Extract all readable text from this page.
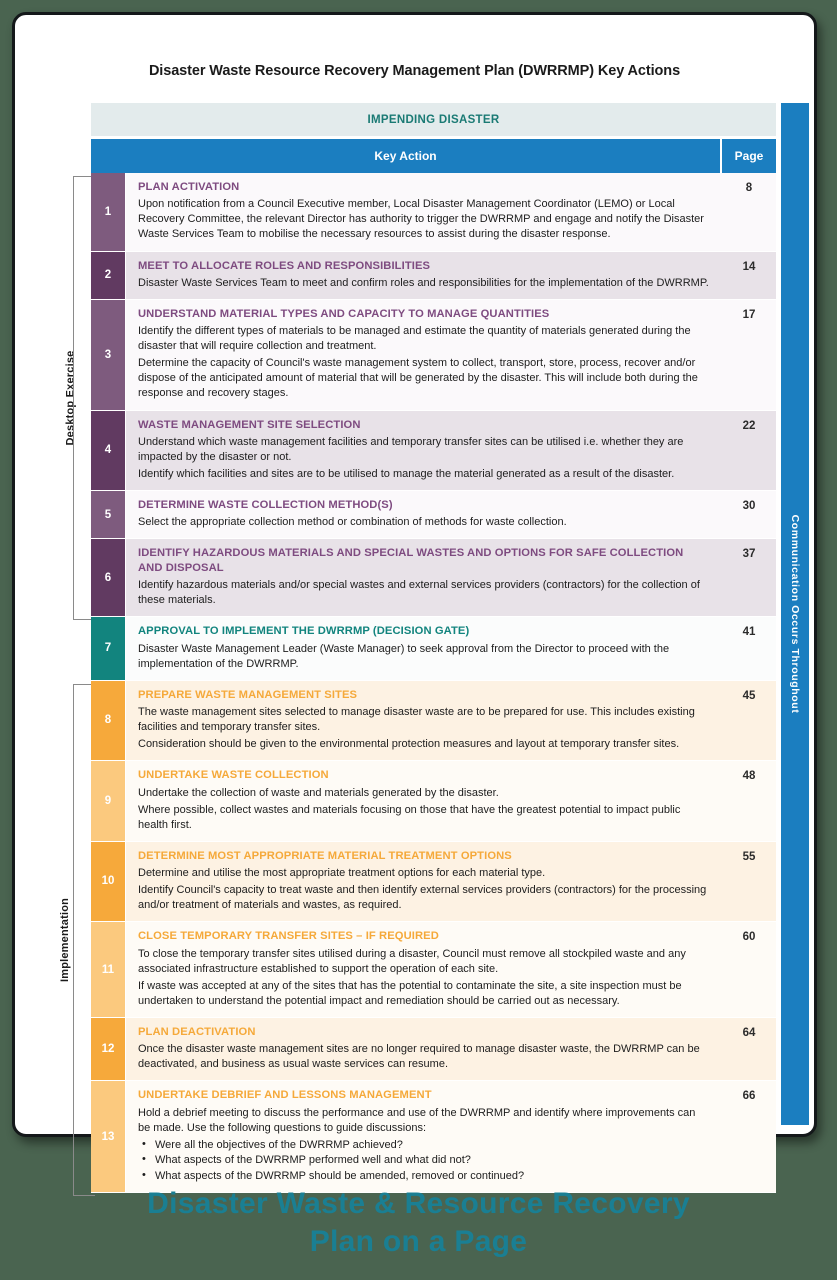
Disaster Waste Resource Recovery Management Plan (DWRRMP) Key Actions
Desktop Exercise
Implementation
IMPENDING DISASTER
Key Action	Page
1
PLAN ACTIVATION
Upon notification from a Council Executive member, Local Disaster Management Coordinator (LEMO) or Local Recovery Committee, the relevant Director has authority to trigger the DWRRMP and engage and notify the Disaster Waste Services Team to mobilise the necessary resources to assist during the disaster response.
8
2
MEET TO ALLOCATE ROLES AND RESPONSIBILITIES
Disaster Waste Services Team to meet and confirm roles and responsibilities for the implementation of the DWRRMP.
14
3
UNDERSTAND MATERIAL TYPES AND CAPACITY TO MANAGE QUANTITIES
Identify the different types of materials to be managed and estimate the quantity of materials generated during the disaster that will require collection and treatment.
Determine the capacity of Council's waste management system to collect, transport, store, process, recover and/or dispose of the anticipated amount of material that will be generated by the disaster. This will include both during the response and recovery stages.
17
4
WASTE MANAGEMENT SITE SELECTION
Understand which waste management facilities and temporary transfer sites can be utilised i.e. whether they are impacted by the disaster or not.
Identify which facilities and sites are to be utilised to manage the material generated as a result of the disaster.
22
5
DETERMINE WASTE COLLECTION METHOD(S)
Select the appropriate collection method or combination of methods for waste collection.
30
6
IDENTIFY HAZARDOUS MATERIALS AND SPECIAL WASTES AND OPTIONS FOR SAFE COLLECTION AND DISPOSAL
Identify hazardous materials and/or special wastes and external services providers (contractors) for the collection of these materials.
37
7
APPROVAL TO IMPLEMENT THE DWRRMP (DECISION GATE)
Disaster Waste Management Leader (Waste Manager) to seek approval from the Director to proceed with the implementation of the DWRRMP.
41
8
PREPARE WASTE MANAGEMENT SITES
The waste management sites selected to manage disaster waste are to be prepared for use. This includes existing facilities and temporary transfer sites.
Consideration should be given to the environmental protection measures and layout at temporary transfer sites.
45
9
UNDERTAKE WASTE COLLECTION
Undertake the collection of waste and materials generated by the disaster.
Where possible, collect wastes and materials focusing on those that have the greatest potential to impact public health first.
48
10
DETERMINE MOST APPROPRIATE MATERIAL TREATMENT OPTIONS
Determine and utilise the most appropriate treatment options for each material type.
Identify Council's capacity to treat waste and then identify external services providers (contractors) for the processing and/or treatment of materials and wastes, as required.
55
11
CLOSE TEMPORARY TRANSFER SITES – IF REQUIRED
To close the temporary transfer sites utilised during a disaster, Council must remove all stockpiled waste and any associated infrastructure established to support the operation of each site.
If waste was accepted at any of the sites that has the potential to contaminate the site, a site inspection must be undertaken to understand the potential impact and remediation should be carried out as necessary.
60
12
PLAN DEACTIVATION
Once the disaster waste management sites are no longer required to manage disaster waste, the DWRRMP can be deactivated, and business as usual waste services can resume.
64
13
UNDERTAKE DEBRIEF AND LESSONS MANAGEMENT
Hold a debrief meeting to discuss the performance and use of the DWRRMP and identify where improvements can be made. Use the following questions to guide discussions:
• Were all the objectives of the DWRRMP achieved?
• What aspects of the DWRRMP performed well and what did not?
• What aspects of the DWRRMP should be amended, removed or continued?
66
Communication Occurs Throughout
Disaster Waste & Resource Recovery
Plan on a Page
